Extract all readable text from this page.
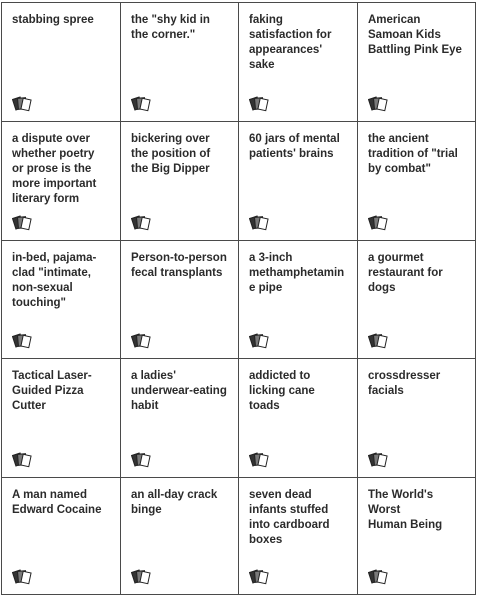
stabbing spree	the "shy kid in
the corner."
faking
satisfaction for
appearances'
sake
American
Samoan Kids
Battling Pink Eye
a dispute over
whether poetry
or prose is the
more important
literary form
bickering over
the position of
the Big Dipper
60 jars of mental
patients' brains
the ancient
tradition of "trial
by combat"
in-bed, pajama-
clad "intimate,
non-sexual
touching"
Person-to-person
fecal transplants
a 3-inch
methamphetamin
e pipe
a gourmet
restaurant for
dogs
Tactical Laser-
Guided Pizza
Cutter
a ladies'
underwear-eating
habit
addicted to
licking cane
toads
crossdresser
facials
A man named
Edward Cocaine
an all-day crack
binge
seven dead
infants stuffed
into cardboard
boxes
The World's
Worst
Human Being
